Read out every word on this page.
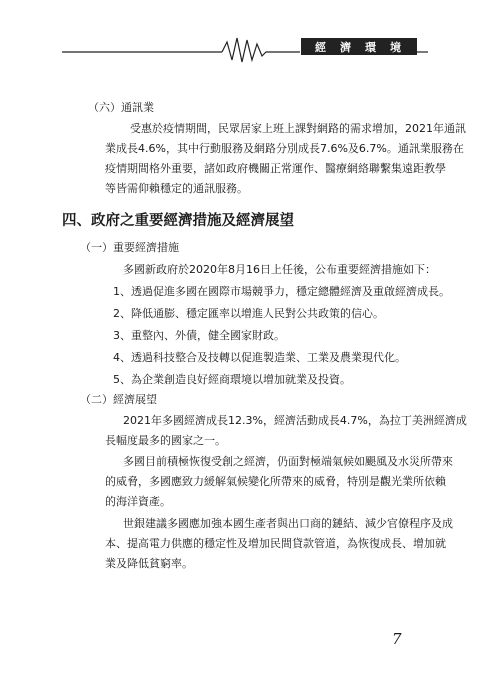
經濟環境
（六）通訊業
受惠於疫情期間，民眾居家上班上課對網路的需求增加，2021年通訊
業成長4.6%，其中行動服務及網路分別成長7.6%及6.7%。通訊業服務在
疫情期間格外重要，諸如政府機關正常運作、醫療網絡聯繫集遠距教學
等皆需仰賴穩定的通訊服務。
四、政府之重要經濟措施及經濟展望
（一）重要經濟措施
多國新政府於2020年8月16日上任後，公布重要經濟措施如下：
1、透過促進多國在國際市場競爭力，穩定總體經濟及重啟經濟成長。
2、降低通膨、穩定匯率以增進人民對公共政策的信心。
3、重整內、外債，健全國家財政。
4、透過科技整合及技轉以促進製造業、工業及農業現代化。
5、為企業創造良好經商環境以增加就業及投資。
（二）經濟展望
2021年多國經濟成長12.3%，經濟活動成長4.7%，為拉丁美洲經濟成
長幅度最多的國家之一。
多國目前積極恢復受創之經濟，仍面對極端氣候如颶風及水災所帶來
的威脅，多國應致力緩解氣候變化所帶來的威脅，特別是觀光業所依賴
的海洋資產。
世銀建議多國應加強本國生產者與出口商的鏈結、減少官僚程序及成
本、提高電力供應的穩定性及增加民間貸款管道，為恢復成長、增加就
業及降低貧窮率。
7
